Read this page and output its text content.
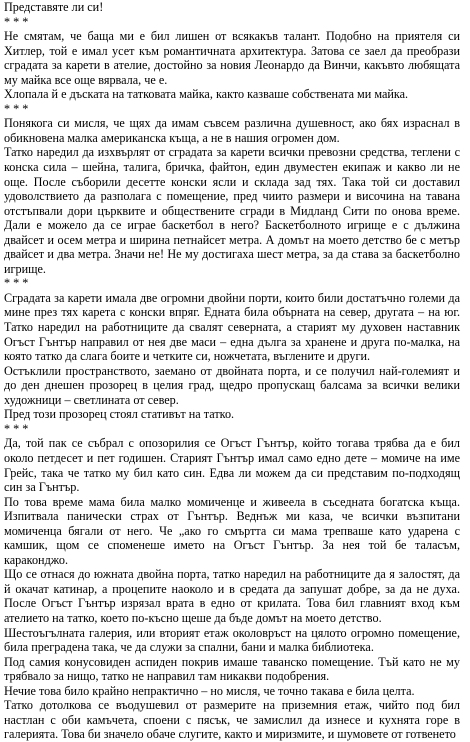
Представяте ли си!

* * *

Не смятам, че баща ми е бил лишен от всякакъв талант. Подобно на приятеля си Хитлер, той е имал усет към романтичната архитектура. Затова се заел да преобрази сградата за карети в ателие, достойно за новия Леонардо да Винчи, какъвто любящата му майка все още вярвала, че е.

Хлопала й е дъската на татковата майка, както казваше собствената ми майка.

* * *

Понякога си мисля, че щях да имам съвсем различна душевност, ако бях израснал в обикновена малка американска къща, а не в нашия огромен дом.

Татко наредил да изхвърлят от сградата за карети всички превозни средства, теглени с конска сила – шейна, талига, бричка, файтон, един двуместен екипаж и какво ли не още. После съборили десетте конски ясли и склада зад тях. Така той си доставил удоволствието да разполага с помещение, пред чиито размери и височина на тавана отстъпвали дори църквите и обществените сгради в Мидланд Сити по онова време. Дали е можело да се играе баскетбол в него? Баскетболното игрище е с дължина двайсет и осем метра и ширина петнайсет метра. А домът на моето детство бе с метър двайсет и два метра. Значи не! Не му достигаха шест метра, за да става за баскетболно игрище.

* * *

Сградата за карети имала две огромни двойни порти, които били достатъчно големи да мине през тях карета с конски впряг. Едната била обърната на север, другата – на юг. Татко наредил на работниците да свалят северната, а старият му духовен наставник Огъст Гънтър направил от нея две маси – една дълга за хранене и друга по-малка, на която татко да слага боите и четките си, ножчетата, въглените и други.

Остъклили пространството, заемано от двойната порта, и се получил най-големият и до ден днешен прозорец в целия град, щедро пропускащ балсама за всички велики художници – светлината от север.

Пред този прозорец стоял стативът на татко.

* * *

Да, той пак се събрал с опозорилия се Огъст Гънтър, който тогава трябва да е бил около петдесет и пет годишен. Старият Гънтър имал само едно дете – момиче на име Грейс, така че татко му бил като син. Едва ли можем да си представим по-подходящ син за Гънтър.

По това време мама била малко момиченце и живеела в съседната богатска къща. Изпитвала панически страх от Гънтър. Веднъж ми каза, че всички възпитани момиченца бягали от него. Че „ако го смъртта си мама трепваше като ударена с камшик, щом се споменеше името на Огъст Гънтър. За нея той бе таласъм, караконджо.

Що се отнася до южната двойна порта, татко наредил на работниците да я залостят, да й окачат катинар, а процепите наоколо и в средата да запушат добре, за да не духа. После Огъст Гънтър изрязал врата в едно от крилата. Това бил главният вход към ателието на татко, което по-късно щеше да бъде домът на моето детство.

Шестоъгълната галерия, или вторият етаж околовръст на цялото огромно помещение, била преградена така, че да служи за спални, бани и малка библиотека.

Под самия конусовиден аспиден покрив имаше таванско помещение. Тъй като не му трябвало за нищо, татко не направил там никакви подобрения.

Нечие това било крайно непрактично – но мисля, че точно такава е била целта.

Татко дотолкова се въодушевил от размерите на приземния етаж, чийто под бил настлан с оби камъчета, споени с пясък, че замислил да изнесе и кухнята горе в галерията. Това би значело обаче слугите, както и миризмите, и шумовете от готвенето
